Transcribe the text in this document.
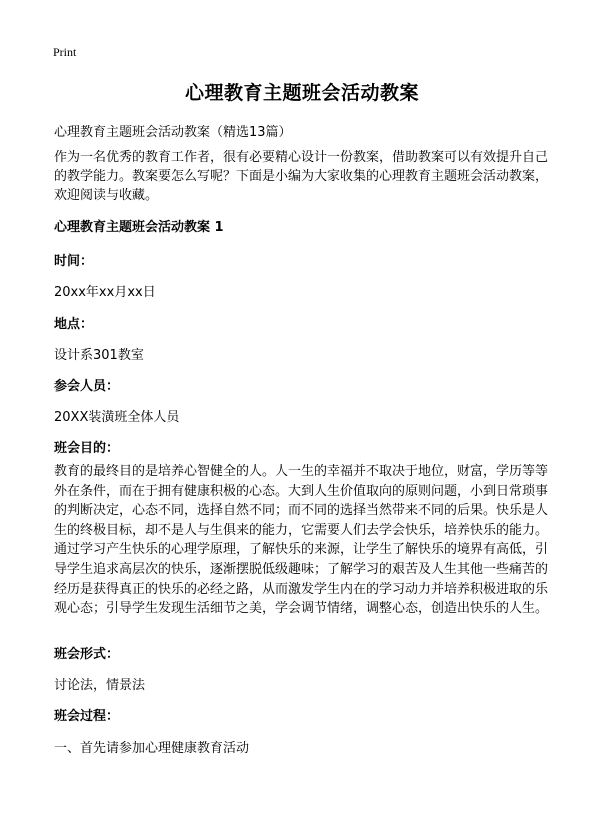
Print
心理教育主题班会活动教案
心理教育主题班会活动教案（精选13篇）

作为一名优秀的教育工作者，很有必要精心设计一份教案，借助教案可以有效提升自己的教学能力。教案要怎么写呢？下面是小编为大家收集的心理教育主题班会活动教案，欢迎阅读与收藏。

心理教育主题班会活动教案 1
时间：
20xx年xx月xx日
地点：
设计系301教室
参会人员：
20XX装潢班全体人员
班会目的：

教育的最终目的是培养心智健全的人。人一生的幸福并不取决于地位，财富，学历等等外在条件，而在于拥有健康积极的心态。大到人生价值取向的原则问题，小到日常琐事的判断决定，心态不同，选择自然不同；而不同的选择当然带来不同的后果。快乐是人生的终极目标，却不是人与生俱来的能力，它需要人们去学会快乐，培养快乐的能力。通过学习产生快乐的心理学原理，了解快乐的来源，让学生了解快乐的境界有高低，引导学生追求高层次的快乐，逐渐摆脱低级趣味；了解学习的艰苦及人生其他一些痛苦的经历是获得真正的快乐的必经之路，从而激发学生内在的学习动力并培养积极进取的乐观心态；引导学生发现生活细节之美，学会调节情绪，调整心态，创造出快乐的人生。

班会形式：
讨论法，情景法
班会过程：
一、首先请参加心理健康教育活动
